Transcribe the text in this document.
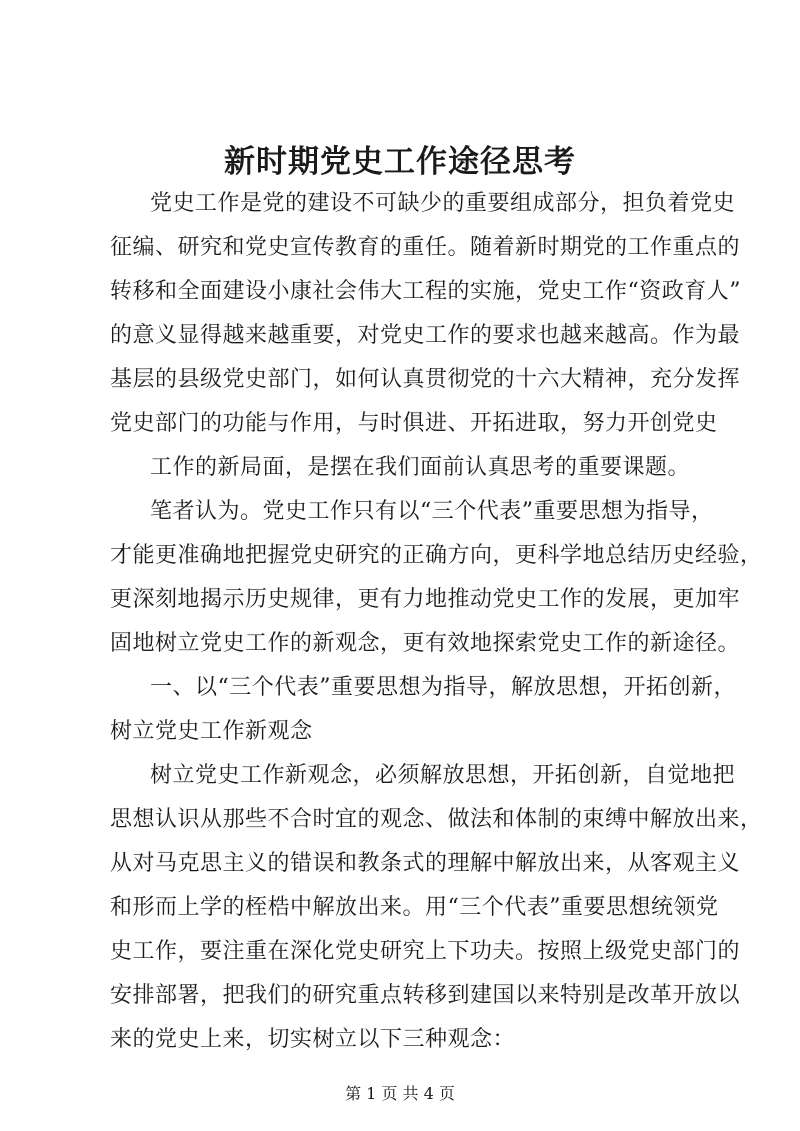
新时期党史工作途径思考
党史工作是党的建设不可缺少的重要组成部分，担负着党史
征编、研究和党史宣传教育的重任。随着新时期党的工作重点的
转移和全面建设小康社会伟大工程的实施，党史工作“资政育人”
的意义显得越来越重要，对党史工作的要求也越来越高。作为最
基层的县级党史部门，如何认真贯彻党的十六大精神，充分发挥
党史部门的功能与作用，与时俱进、开拓进取，努力开创党史
工作的新局面，是摆在我们面前认真思考的重要课题。
笔者认为。党史工作只有以“三个代表”重要思想为指导，
才能更准确地把握党史研究的正确方向，更科学地总结历史经验，
更深刻地揭示历史规律，更有力地推动党史工作的发展，更加牢
固地树立党史工作的新观念，更有效地探索党史工作的新途径。
一、以“三个代表”重要思想为指导，解放思想，开拓创新，
树立党史工作新观念
树立党史工作新观念，必须解放思想，开拓创新，自觉地把
思想认识从那些不合时宜的观念、做法和体制的束缚中解放出来，
从对马克思主义的错误和教条式的理解中解放出来，从客观主义
和形而上学的桎梏中解放出来。用“三个代表”重要思想统领党
史工作，要注重在深化党史研究上下功夫。按照上级党史部门的
安排部署，把我们的研究重点转移到建国以来特别是改革开放以
来的党史上来，切实树立以下三种观念：
第 1 页 共 4 页
